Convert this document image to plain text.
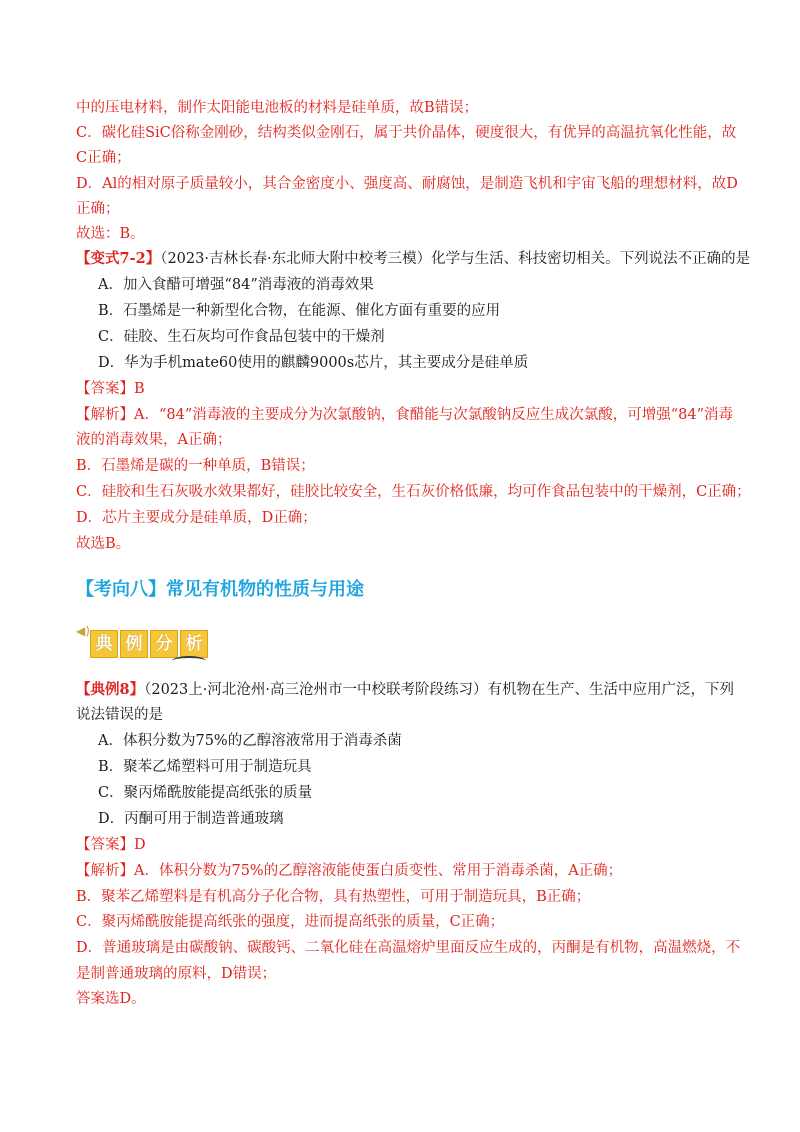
中的压电材料，制作太阳能电池板的材料是硅单质，故B错误；
C．碳化硅SiC俗称金刚砂，结构类似金刚石，属于共价晶体，硬度很大，有优异的高温抗氧化性能，故
C正确；
D．Al的相对原子质量较小，其合金密度小、强度高、耐腐蚀，是制造飞机和宇宙飞船的理想材料，故D
正确；
故选：B。
【变式7-2】（2023·吉林长春·东北师大附中校考三模）化学与生活、科技密切相关。下列说法不正确的是
A．加入食醋可增强“84”消毒液的消毒效果
B．石墨烯是一种新型化合物，在能源、催化方面有重要的应用
C．硅胶、生石灰均可作食品包装中的干燥剂
D．华为手机mate60使用的麒麟9000s芯片，其主要成分是硅单质
【答案】B
【解析】A．“84”消毒液的主要成分为次氯酸钠，食醋能与次氯酸钠反应生成次氯酸，可增强“84”消毒
液的消毒效果，A正确；
B．石墨烯是碳的一种单质，B错误；
C．硅胶和生石灰吸水效果都好，硅胶比较安全，生石灰价格低廉，均可作食品包装中的干燥剂，C正确；
D．芯片主要成分是硅单质，D正确；
故选B。
【考向八】常见有机物的性质与用途
◀)
典 例 分 析
【典例8】（2023上·河北沧州·高三沧州市一中校联考阶段练习）有机物在生产、生活中应用广泛，下列
说法错误的是
A．体积分数为75%的乙醇溶液常用于消毒杀菌
B．聚苯乙烯塑料可用于制造玩具
C．聚丙烯酰胺能提高纸张的质量
D．丙酮可用于制造普通玻璃
【答案】D
【解析】A．体积分数为75%的乙醇溶液能使蛋白质变性、常用于消毒杀菌，A正确；
B．聚苯乙烯塑料是有机高分子化合物，具有热塑性，可用于制造玩具，B正确；
C．聚丙烯酰胺能提高纸张的强度，进而提高纸张的质量，C正确；
D．普通玻璃是由碳酸钠、碳酸钙、二氧化硅在高温熔炉里面反应生成的，丙酮是有机物，高温燃烧，不
是制普通玻璃的原料，D错误；
答案选D。
